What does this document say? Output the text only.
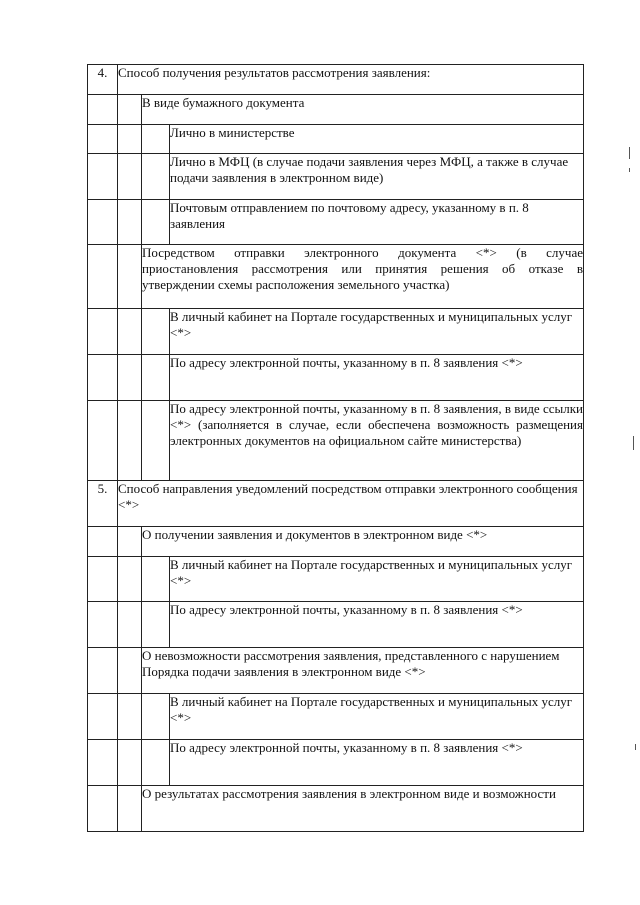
4.	Способ получения результатов рассмотрения заявления:		
		В виде бумажного документа	
			Лично в министерстве
			Лично в МФЦ (в случае подачи заявления через МФЦ, а также в случае подачи заявления в электронном виде)
			Почтовым отправлением по почтовому адресу, указанному в п. 8 заявления
		Посредством отправки электронного документа <*> (в случае приостановления рассмотрения или принятия решения об отказе в утверждении схемы расположения земельного участка)	
			В личный кабинет на Портале государственных и муниципальных услуг <*>
			По адресу электронной почты, указанному в п. 8 заявления <*>
			По адресу электронной почты, указанному в п. 8 заявления, в виде ссылки <*> (заполняется в случае, если обеспечена возможность размещения электронных документов на официальном сайте министерства)
5.	Способ направления уведомлений посредством отправки электронного сообщения <*>		
		О получении заявления и документов в электронном виде <*>	
			В личный кабинет на Портале государственных и муниципальных услуг <*>
			По адресу электронной почты, указанному в п. 8 заявления <*>
		О невозможности рассмотрения заявления, представленного с нарушением Порядка подачи заявления в электронном виде <*>	
			В личный кабинет на Портале государственных и муниципальных услуг <*>
			По адресу электронной почты, указанному в п. 8 заявления <*>
		О результатах рассмотрения заявления в электронном виде и возможности	
